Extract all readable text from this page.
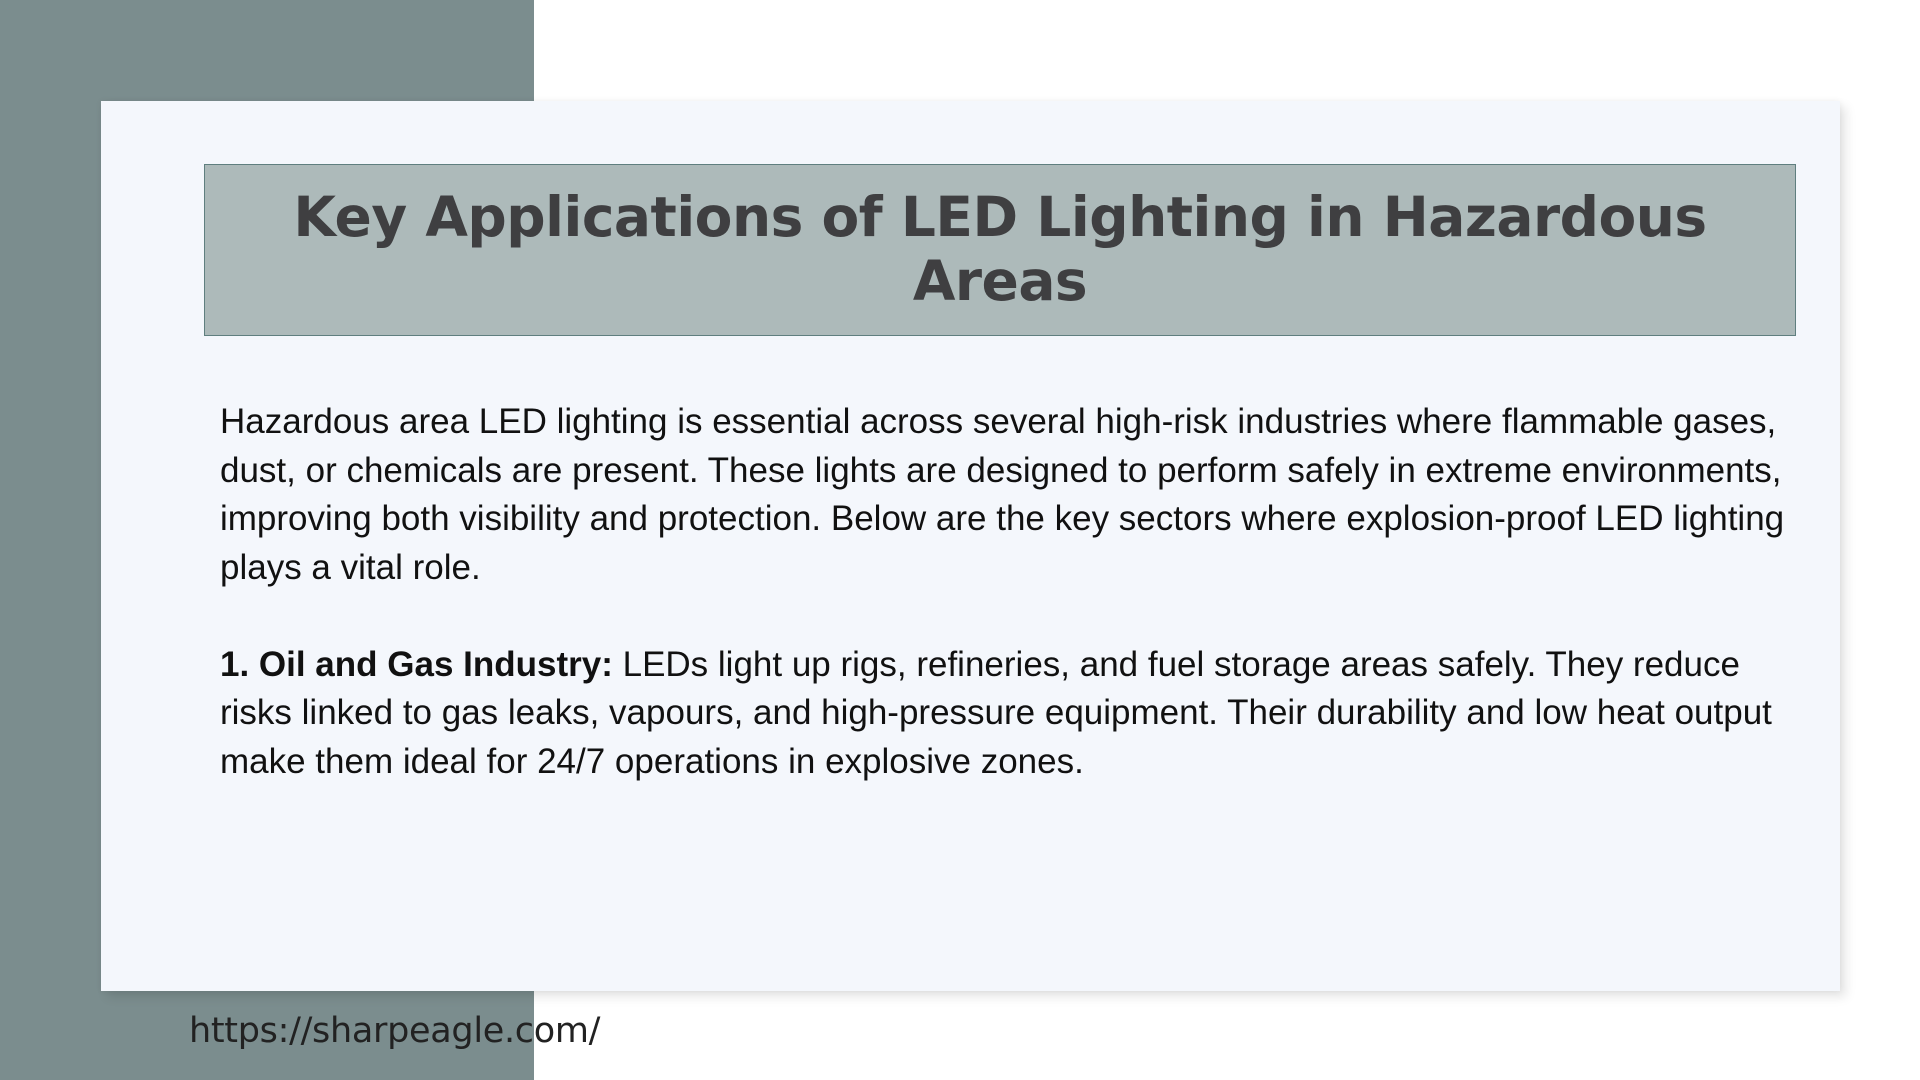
Key Applications of LED Lighting in Hazardous Areas

Hazardous area LED lighting is essential across several high-risk industries where flammable gases, dust, or chemicals are present. These lights are designed to perform safely in extreme environments, improving both visibility and protection. Below are the key sectors where explosion-proof LED lighting plays a vital role.

1. Oil and Gas Industry: LEDs light up rigs, refineries, and fuel storage areas safely. They reduce risks linked to gas leaks, vapours, and high-pressure equipment. Their durability and low heat output make them ideal for 24/7 operations in explosive zones.

https://sharpeagle.com/
